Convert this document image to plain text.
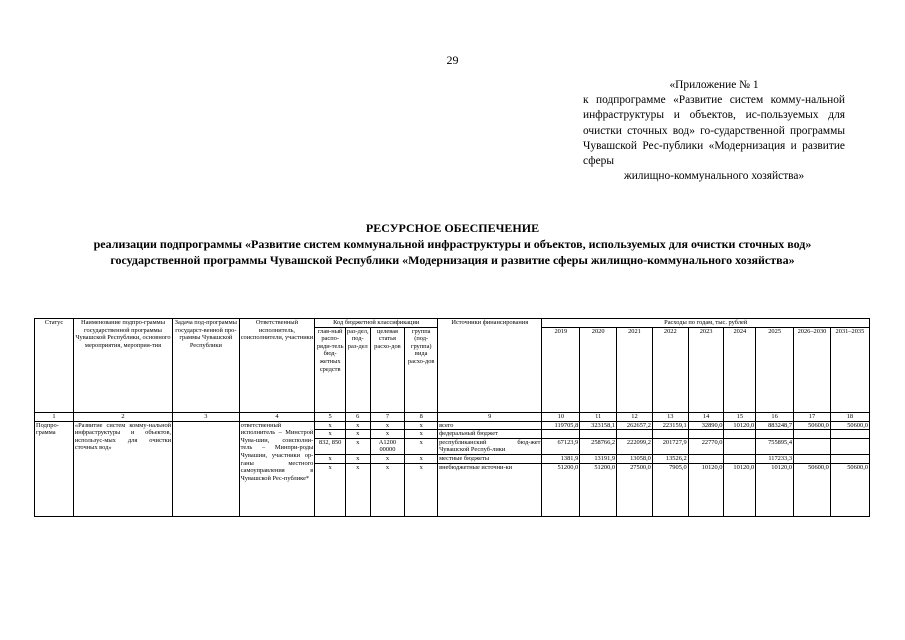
29
«Приложение № 1
к подпрограмме «Развитие систем комму-нальной инфраструктуры и объектов, ис-пользуемых для очистки сточных вод» го-сударственной программы Чувашской Рес-публики «Модернизация и развитие сферы
жилищно-коммунального хозяйства»
РЕСУРСНОЕ ОБЕСПЕЧЕНИЕ
реализации подпрограммы «Развитие систем коммунальной инфраструктуры и объектов, используемых для очистки сточных вод» государственной программы Чувашской Республики «Модернизация и развитие сферы жилищно-коммунального хозяйства»
Статус	Наименование подпро-граммы государственной программы Чувашской Республики, основного мероприятия, мероприя-тия	Задача под-программы государст-венной про-граммы Чувашской Республики	Ответственный исполнитель, соисполнители, участники	Код бюджетной классификации				Источники финансирования	Расходы по годам, тыс. рублей								
				глав-ный распо-ряди-тель бюд-жетных средств	раз-дел, под-раз-дел	целевая статья расхо-дов	группа (под-группа) вида расхо-дов		2019	2020	2021	2022	2023	2024	2025	2026–2030	2031–2035
1	2	3	4	5	6	7	8	9	10	11	12	13	14	15	16	17	18
Подпро-грамма	«Развитие систем комму-нальной инфраструктуры и объектов, использус-мых для очистки сточных вод»		ответственный исполнитель – Минстрой Чува-шии, соисполни-тель – Минпри-роды Чувашии, участники ор-ганы местного самоуправления в Чувашской Рес-публике*	x	x	x	x	всего	119705,8	323158,1	262657,2	223159,1	32890,0	10120,0	883248,7	50600,0	50600,0
				x	x	x	x	федеральный бюджет									
				832, 850	x	A1200 00000	x	республиканский бюд-жет Чувашской Респуб-лики	67123,9	258766,2	222099,2	201727,9	22770,0		755895,4		
				x	x	x	x	местные бюджеты	1381,9	13191,9	13058,0	13526,2			117233,3		
				x	x	x	x	внебюджетные источни-ки	51200,0	51200,0	27500,0	7905,0	10120,0	10120,0	10120,0	50600,0	50600,0
